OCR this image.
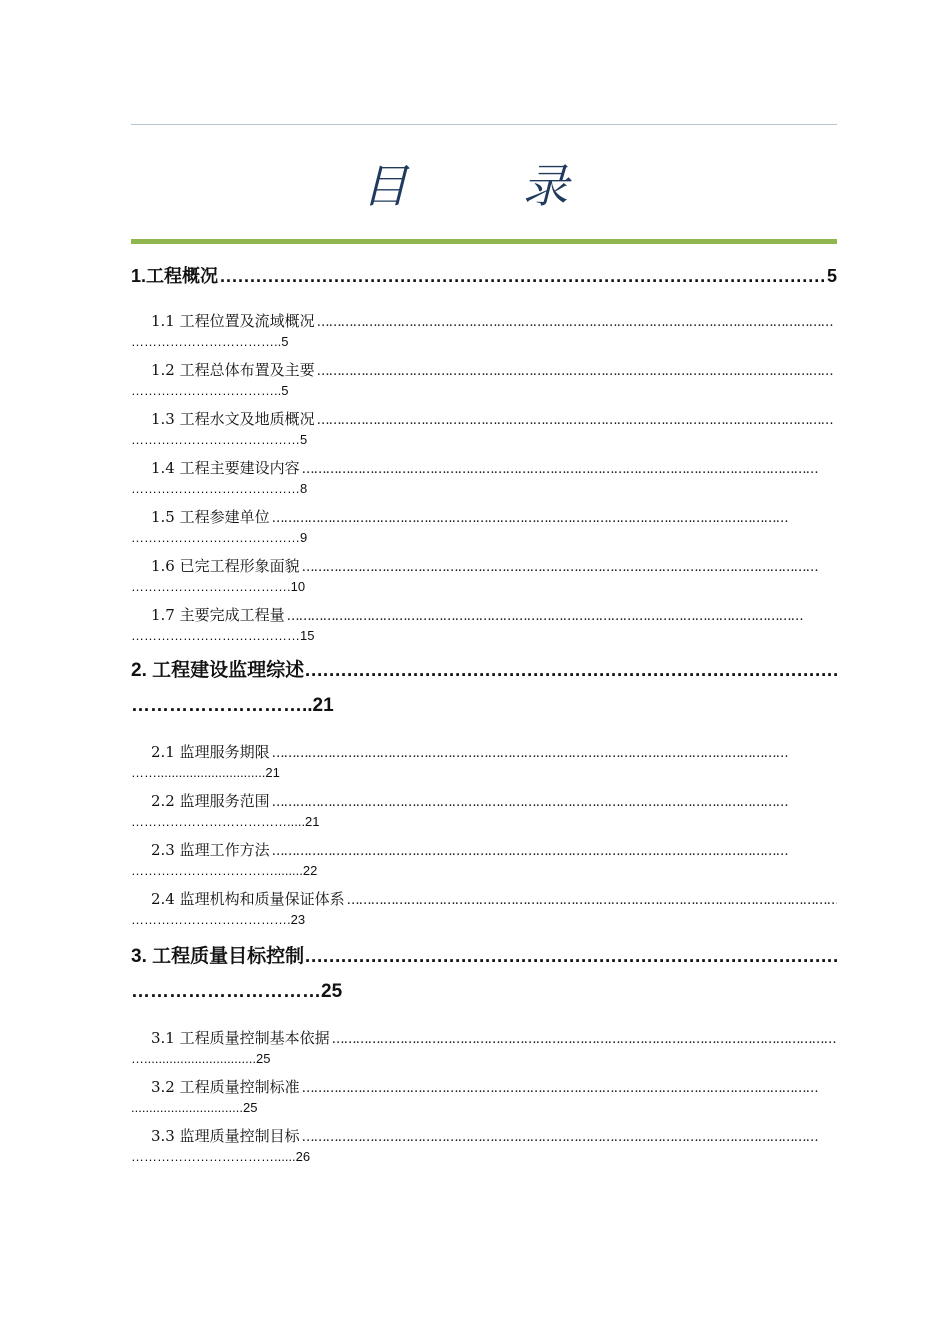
目 录
1.工程概况 . . .	5
1.1 工程位置及流域概况
…………………………………………………………………………………………………………………
……………………………..5
1.2 工程总体布置及主要
…………………………………………………………………………………………………………………
……………………………..5
1.3 工程水文及地质概况
…………………………………………………………………………………………………………………
…………………………………5
1.4 工程主要建设内容
…………………………………………………………………………………………………………………
…………………………………8
1.5 工程参建单位
…………………………………………………………………………………………………………………
…………………………………9
1.6 已完工程形象面貌
…………………………………………………………………………………………………………………
……………………………….10
1.7 主要完成工程量
…………………………………………………………………………………………………………………
…………………………………15
2. 工程建设监理综述
………………………………………………………………………………………………………
………………………..21
2.1 监理服务期限
…………………………………………………………………………………………………………………
……..............................21
2.2 监理服务范围
…………………………………………………………………………………………………………………
……………………………….....21
2.3 监理工作方法
…………………………………………………………………………………………………………………
……………………………........22
2.4 监理机构和质量保证体系
…………………………………………………………………………………………………………………
……………………………….23
3. 工程质量目标控制
………………………………………………………………………………………………………
…………………………25
3.1 工程质量控制基本依据
…………………………………………………………………………………………………………………
…...............................25
3.2 工程质量控制标准
…………………………………………………………………………………………………………………
...............................25
3.3 监理质量控制目标
…………………………………………………………………………………………………………………
……………………………......26
